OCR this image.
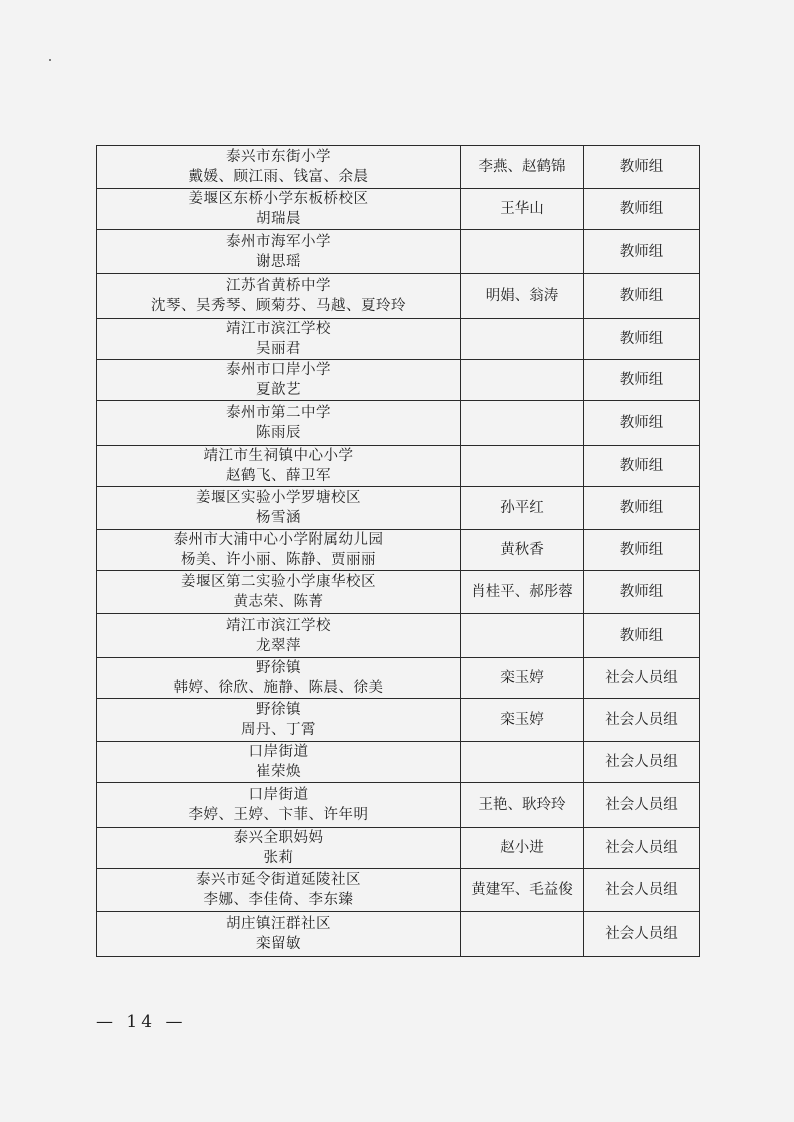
泰兴市东街小学
戴媛、顾江雨、钱富、余晨	李燕、赵鹤锦	教师组

姜堰区东桥小学东板桥校区
胡瑞晨	王华山	教师组

泰州市海军小学
谢思瑶		教师组

江苏省黄桥中学
沈琴、吴秀琴、顾菊芬、马越、夏玲玲	明娟、翁涛	教师组

靖江市滨江学校
吴丽君		教师组

泰州市口岸小学
夏歆艺		教师组

泰州市第二中学
陈雨辰		教师组

靖江市生祠镇中心小学
赵鹤飞、薛卫军		教师组

姜堰区实验小学罗塘校区
杨雪涵	孙平红	教师组

泰州市大浦中心小学附属幼儿园
杨美、许小丽、陈静、贾丽丽	黄秋香	教师组

姜堰区第二实验小学康华校区
黄志荣、陈菁	肖桂平、郝彤蓉	教师组

靖江市滨江学校
龙翠萍		教师组

野徐镇
韩婷、徐欣、施静、陈晨、徐美	栾玉婷	社会人员组

野徐镇
周丹、丁霄	栾玉婷	社会人员组

口岸街道
崔荣焕		社会人员组

口岸街道
李婷、王婷、卞菲、许年明	王艳、耿玲玲	社会人员组

泰兴全职妈妈
张莉	赵小进	社会人员组

泰兴市延令街道延陵社区
李娜、李佳倚、李东臻	黄建军、毛益俊	社会人员组

胡庄镇汪群社区
栾留敏		社会人员组
— 14 —
